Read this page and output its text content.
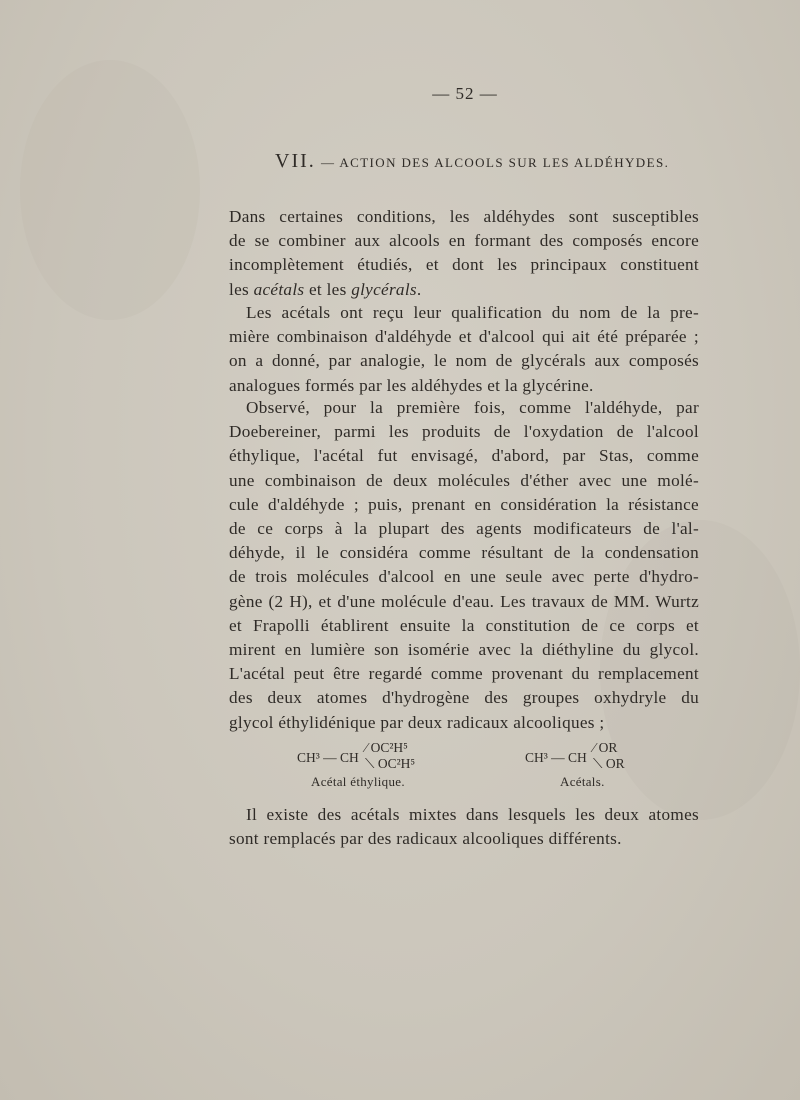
— 52 —
VII. — ACTION DES ALCOOLS SUR LES ALDÉHYDES.
Dans certaines conditions, les aldéhydes sont susceptibles
de se combiner aux alcools en formant des composés encore
incomplètement étudiés, et dont les principaux constituent
les acétals et les glycérals.
Les acétals ont reçu leur qualification du nom de la pre-
mière combinaison d'aldéhyde et d'alcool qui ait été préparée ;
on a donné, par analogie, le nom de glycérals aux composés
analogues formés par les aldéhydes et la glycérine.
Observé, pour la première fois, comme l'aldéhyde, par
Doebereiner, parmi les produits de l'oxydation de l'alcool
éthylique, l'acétal fut envisagé, d'abord, par Stas, comme
une combinaison de deux molécules d'éther avec une molé-
cule d'aldéhyde ; puis, prenant en considération la résistance
de ce corps à la plupart des agents modificateurs de l'al-
déhyde, il le considéra comme résultant de la condensation
de trois molécules d'alcool en une seule avec perte d'hydro-
gène (2 H), et d'une molécule d'eau. Les travaux de MM. Wurtz
et Frapolli établirent ensuite la constitution de ce corps et
mirent en lumière son isomérie avec la diéthyline du glycol.
L'acétal peut être regardé comme provenant du remplacement
des deux atomes d'hydrogène des groupes oxhydryle du
glycol éthylidénique par deux radicaux alcooliques ;
CH³ — CH
⁄ OC²H⁵
⟍ OC²H⁵
Acétal éthylique.
CH³ — CH
⁄ OR
⟍ OR
Acétals.
Il existe des acétals mixtes dans lesquels les deux atomes
sont remplacés par des radicaux alcooliques différents.
